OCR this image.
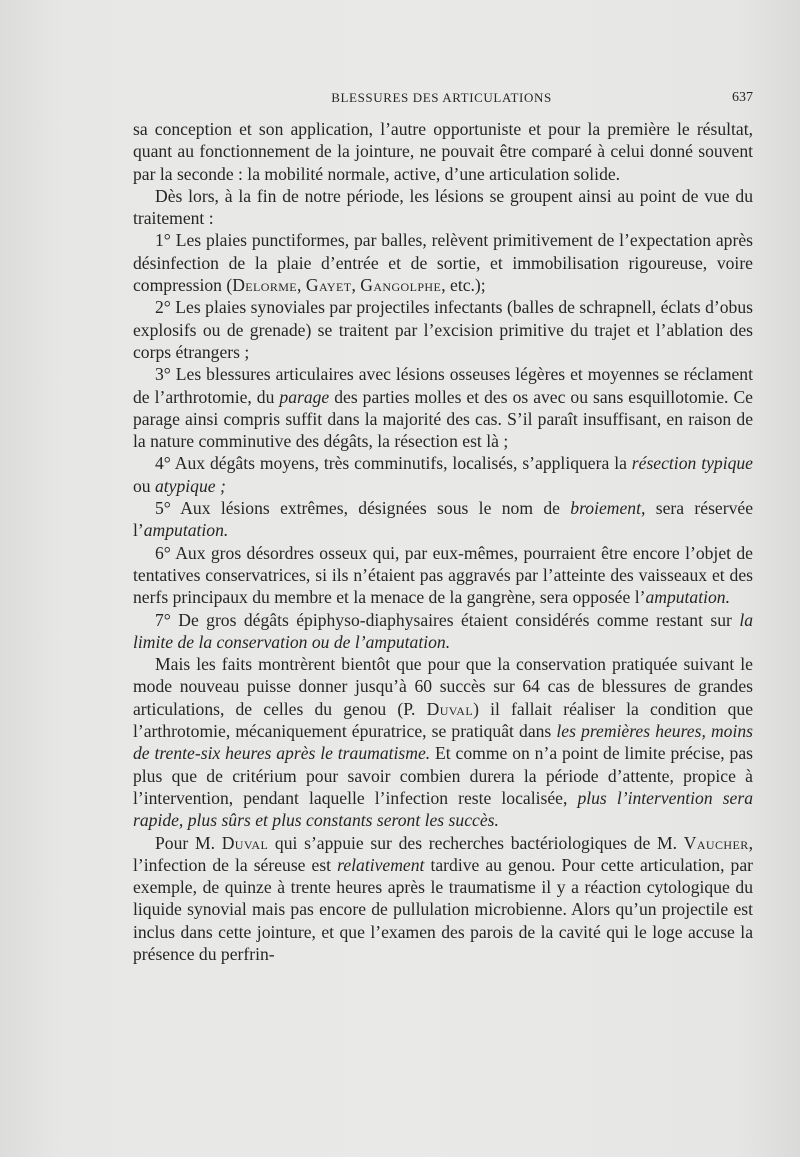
BLESSURES DES ARTICULATIONS	637

sa conception et son application, l’autre opportuniste et pour la première le résultat, quant au fonctionnement de la jointure, ne pouvait être comparé à celui donné souvent par la seconde : la mobilité normale, active, d’une articulation solide.

Dès lors, à la fin de notre période, les lésions se groupent ainsi au point de vue du traitement :

1° Les plaies punctiformes, par balles, relèvent primitivement de l’expectation après désinfection de la plaie d’entrée et de sortie, et immobilisation rigoureuse, voire compression (Delorme, Gayet, Gangolphe, etc.);

2° Les plaies synoviales par projectiles infectants (balles de schrapnell, éclats d’obus explosifs ou de grenade) se traitent par l’excision primitive du trajet et l’ablation des corps étrangers ;

3° Les blessures articulaires avec lésions osseuses légères et moyennes se réclament de l’arthrotomie, du parage des parties molles et des os avec ou sans esquillotomie. Ce parage ainsi compris suffit dans la majorité des cas. S’il paraît insuffisant, en raison de la nature comminutive des dégâts, la résection est là ;

4° Aux dégâts moyens, très comminutifs, localisés, s’appliquera la résection typique ou atypique ;

5° Aux lésions extrêmes, désignées sous le nom de broiement, sera réservée l’amputation.

6° Aux gros désordres osseux qui, par eux-mêmes, pourraient être encore l’objet de tentatives conservatrices, si ils n’étaient pas aggravés par l’atteinte des vaisseaux et des nerfs principaux du membre et la menace de la gangrène, sera opposée l’amputation.

7° De gros dégâts épiphyso-diaphysaires étaient considérés comme restant sur la limite de la conservation ou de l’amputation.

Mais les faits montrèrent bientôt que pour que la conservation pratiquée suivant le mode nouveau puisse donner jusqu’à 60 succès sur 64 cas de blessures de grandes articulations, de celles du genou (P. Duval) il fallait réaliser la condition que l’arthrotomie, mécaniquement épuratrice, se pratiquât dans les premières heures, moins de trente-six heures après le traumatisme. Et comme on n’a point de limite précise, pas plus que de critérium pour savoir combien durera la période d’attente, propice à l’intervention, pendant laquelle l’infection reste localisée, plus l’intervention sera rapide, plus sûrs et plus constants seront les succès.

Pour M. Duval qui s’appuie sur des recherches bactériologiques de M. Vaucher, l’infection de la séreuse est relativement tardive au genou. Pour cette articulation, par exemple, de quinze à trente heures après le traumatisme il y a réaction cytologique du liquide synovial mais pas encore de pullulation microbienne. Alors qu’un projectile est inclus dans cette jointure, et que l’examen des parois de la cavité qui le loge accuse la présence du perfrin-
